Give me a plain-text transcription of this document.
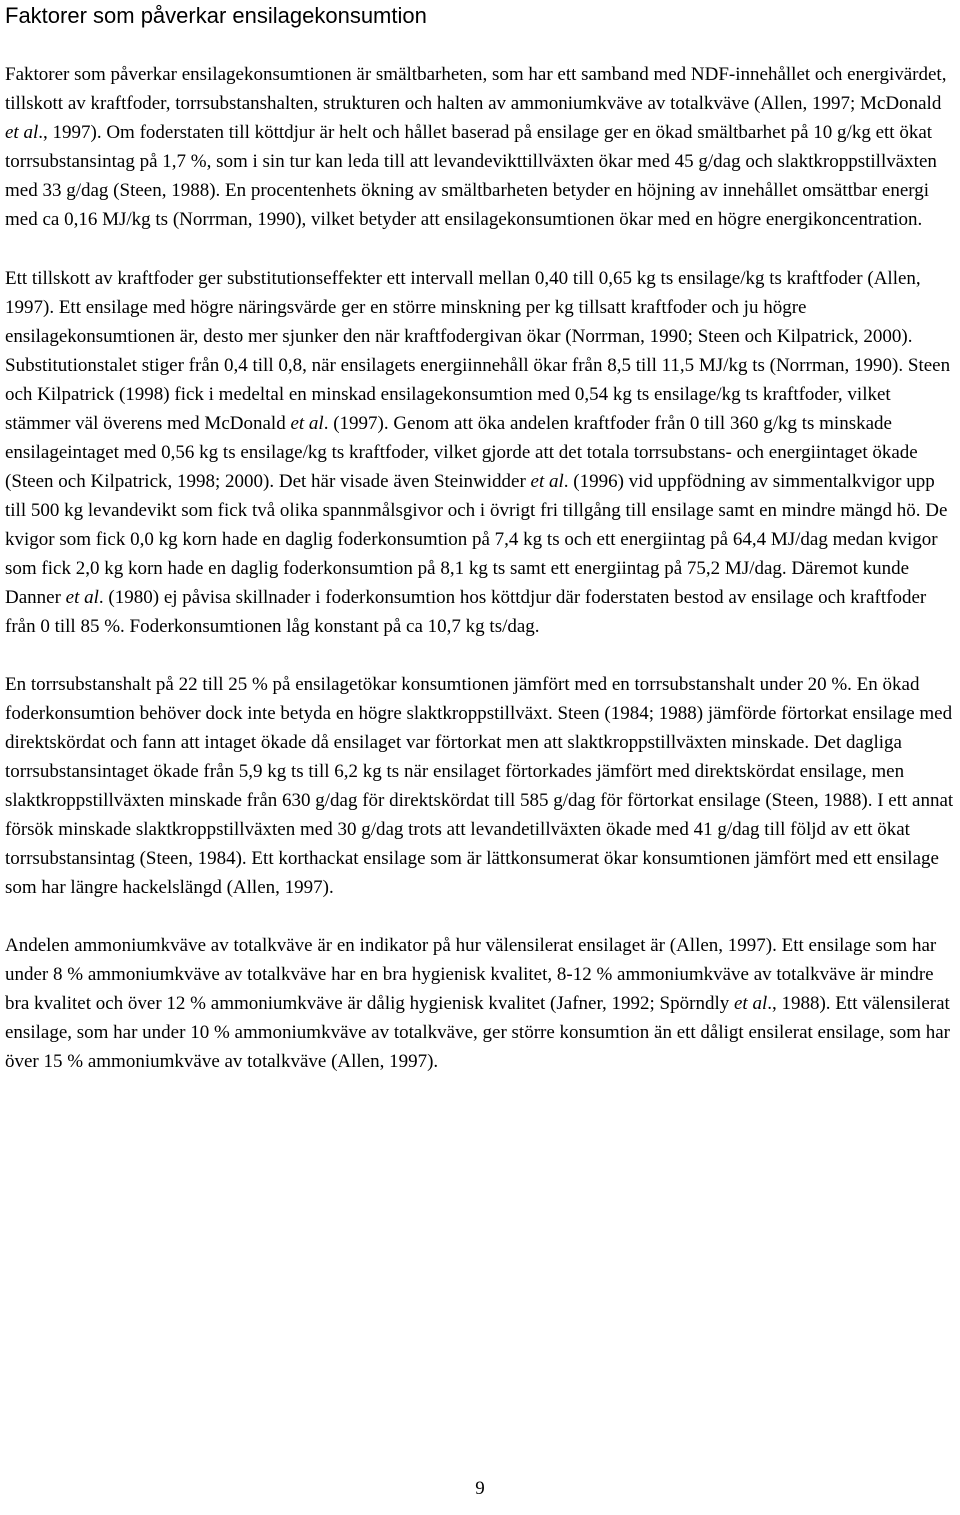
Faktorer som påverkar ensilagekonsumtion

Faktorer som påverkar ensilagekonsumtionen är smältbarheten, som har ett samband med NDF-innehållet och energivärdet, tillskott av kraftfoder, torrsubstanshalten, strukturen och halten av ammoniumkväve av totalkväve (Allen, 1997; McDonald et al., 1997). Om foderstaten till köttdjur är helt och hållet baserad på ensilage ger en ökad smältbarhet på 10 g/kg ett ökat torrsubstansintag på 1,7 %, som i sin tur kan leda till att levandevikttillväxten ökar med 45 g/dag och slaktkroppstillväxten med 33 g/dag (Steen, 1988). En procentenhets ökning av smältbarheten betyder en höjning av innehållet omsättbar energi med ca 0,16 MJ/kg ts (Norrman, 1990), vilket betyder att ensilagekonsumtionen ökar med en högre energikoncentration.

Ett tillskott av kraftfoder ger substitutionseffekter ett intervall mellan 0,40 till 0,65 kg ts ensilage/kg ts kraftfoder (Allen, 1997). Ett ensilage med högre näringsvärde ger en större minskning per kg tillsatt kraftfoder och ju högre ensilagekonsumtionen är, desto mer sjunker den när kraftfodergivan ökar (Norrman, 1990; Steen och Kilpatrick, 2000). Substitutionstalet stiger från 0,4 till 0,8, när ensilagets energiinnehåll ökar från 8,5 till 11,5 MJ/kg ts (Norrman, 1990). Steen och Kilpatrick (1998) fick i medeltal en minskad ensilagekonsumtion med 0,54 kg ts ensilage/kg ts kraftfoder, vilket stämmer väl överens med McDonald et al. (1997). Genom att öka andelen kraftfoder från 0 till 360 g/kg ts minskade ensilageintaget med 0,56 kg ts ensilage/kg ts kraftfoder, vilket gjorde att det totala torrsubstans- och energiintaget ökade (Steen och Kilpatrick, 1998; 2000). Det här visade även Steinwidder et al. (1996) vid uppfödning av simmentalkvigor upp till 500 kg levandevikt som fick två olika spannmålsgivor och i övrigt fri tillgång till ensilage samt en mindre mängd hö. De kvigor som fick 0,0 kg korn hade en daglig foderkonsumtion på 7,4 kg ts och ett energiintag på 64,4 MJ/dag medan kvigor som fick 2,0 kg korn hade en daglig foderkonsumtion på 8,1 kg ts samt ett energiintag på 75,2 MJ/dag. Däremot kunde Danner et al. (1980) ej påvisa skillnader i foderkonsumtion hos köttdjur där foderstaten bestod av ensilage och kraftfoder från 0 till 85 %. Foderkonsumtionen låg konstant på ca 10,7 kg ts/dag.

En torrsubstanshalt på 22 till 25 % på ensilagetökar konsumtionen jämfört med en torrsubstanshalt under 20 %. En ökad foderkonsumtion behöver dock inte betyda en högre slaktkroppstillväxt. Steen (1984; 1988) jämförde förtorkat ensilage med direktskördat och fann att intaget ökade då ensilaget var förtorkat men att slaktkroppstillväxten minskade. Det dagliga torrsubstansintaget ökade från 5,9 kg ts till 6,2 kg ts när ensilaget förtorkades jämfört med direktskördat ensilage, men slaktkroppstillväxten minskade från 630 g/dag för direktskördat till 585 g/dag för förtorkat ensilage (Steen, 1988). I ett annat försök minskade slaktkroppstillväxten med 30 g/dag trots att levandetillväxten ökade med 41 g/dag till följd av ett ökat torrsubstansintag (Steen, 1984). Ett korthackat ensilage som är lättkonsumerat ökar konsumtionen jämfört med ett ensilage som har längre hackelslängd (Allen, 1997).

Andelen ammoniumkväve av totalkväve är en indikator på hur välensilerat ensilaget är (Allen, 1997). Ett ensilage som har under 8 % ammoniumkväve av totalkväve har en bra hygienisk kvalitet, 8-12 % ammoniumkväve av totalkväve är mindre bra kvalitet och över 12 % ammoniumkväve är dålig hygienisk kvalitet (Jafner, 1992; Spörndly et al., 1988). Ett välensilerat ensilage, som har under 10 % ammoniumkväve av totalkväve, ger större konsumtion än ett dåligt ensilerat ensilage, som har över 15 % ammoniumkväve av totalkväve (Allen, 1997).

9
